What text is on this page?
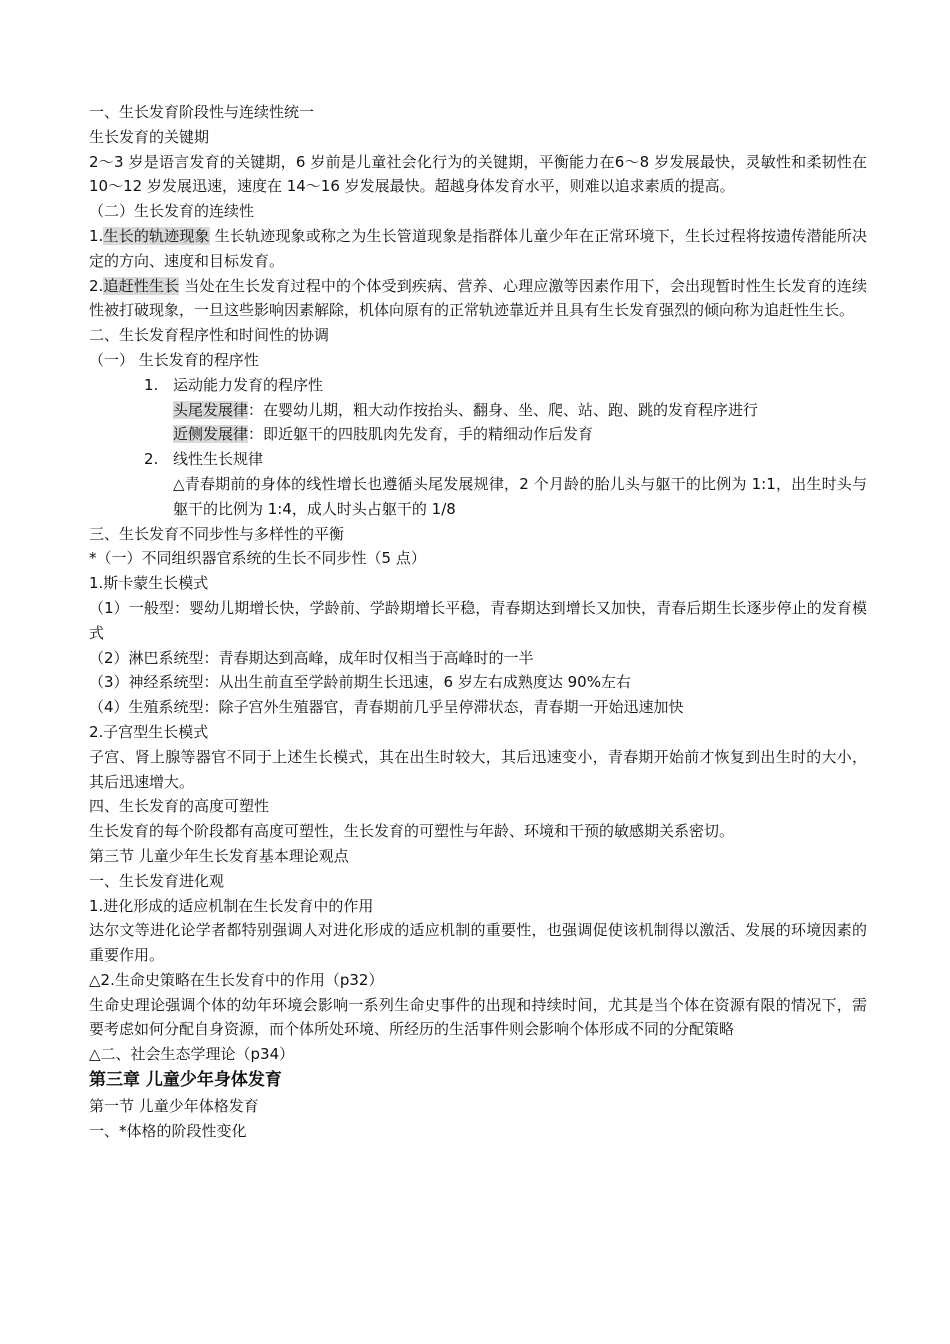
一、生长发育阶段性与连续性统一

生长发育的关键期

2～3 岁是语言发育的关键期，6 岁前是儿童社会化行为的关键期，平衡能力在6～8 岁发展最快，灵敏性和柔韧性在 10～12 岁发展迅速，速度在 14～16 岁发展最快。超越身体发育水平，则难以追求素质的提高。

（二）生长发育的连续性

1.生长的轨迹现象 生长轨迹现象或称之为生长管道现象是指群体儿童少年在正常环境下，生长过程将按遗传潜能所决定的方向、速度和目标发育。

2.追赶性生长 当处在生长发育过程中的个体受到疾病、营养、心理应激等因素作用下，会出现暂时性生长发育的连续性被打破现象，一旦这些影响因素解除，机体向原有的正常轨迹靠近并且具有生长发育强烈的倾向称为追赶性生长。

二、生长发育程序性和时间性的协调

（一） 生长发育的程序性

1. 运动能力发育的程序性

头尾发展律：在婴幼儿期，粗大动作按抬头、翻身、坐、爬、站、跑、跳的发育程序进行

近侧发展律：即近躯干的四肢肌肉先发育，手的精细动作后发育

2. 线性生长规律

△青春期前的身体的线性增长也遵循头尾发展规律，2 个月龄的胎儿头与躯干的比例为 1:1，出生时头与躯干的比例为 1:4，成人时头占躯干的 1/8

三、生长发育不同步性与多样性的平衡

*（一）不同组织器官系统的生长不同步性（5 点）

1.斯卡蒙生长模式

（1）一般型：婴幼儿期增长快，学龄前、学龄期增长平稳，青春期达到增长又加快，青春后期生长逐步停止的发育模式

（2）淋巴系统型：青春期达到高峰，成年时仅相当于高峰时的一半

（3）神经系统型：从出生前直至学龄前期生长迅速，6 岁左右成熟度达 90%左右

（4）生殖系统型：除子宫外生殖器官，青春期前几乎呈停滞状态，青春期一开始迅速加快

2.子宫型生长模式

子宫、肾上腺等器官不同于上述生长模式，其在出生时较大，其后迅速变小，青春期开始前才恢复到出生时的大小，其后迅速增大。

四、生长发育的高度可塑性

生长发育的每个阶段都有高度可塑性，生长发育的可塑性与年龄、环境和干预的敏感期关系密切。

第三节 儿童少年生长发育基本理论观点

一、生长发育进化观

1.进化形成的适应机制在生长发育中的作用

达尔文等进化论学者都特别强调人对进化形成的适应机制的重要性，也强调促使该机制得以激活、发展的环境因素的重要作用。

△2.生命史策略在生长发育中的作用（p32）

生命史理论强调个体的幼年环境会影响一系列生命史事件的出现和持续时间，尤其是当个体在资源有限的情况下，需要考虑如何分配自身资源，而个体所处环境、所经历的生活事件则会影响个体形成不同的分配策略

△二、社会生态学理论（p34）

第三章 儿童少年身体发育

第一节 儿童少年体格发育

一、*体格的阶段性变化
